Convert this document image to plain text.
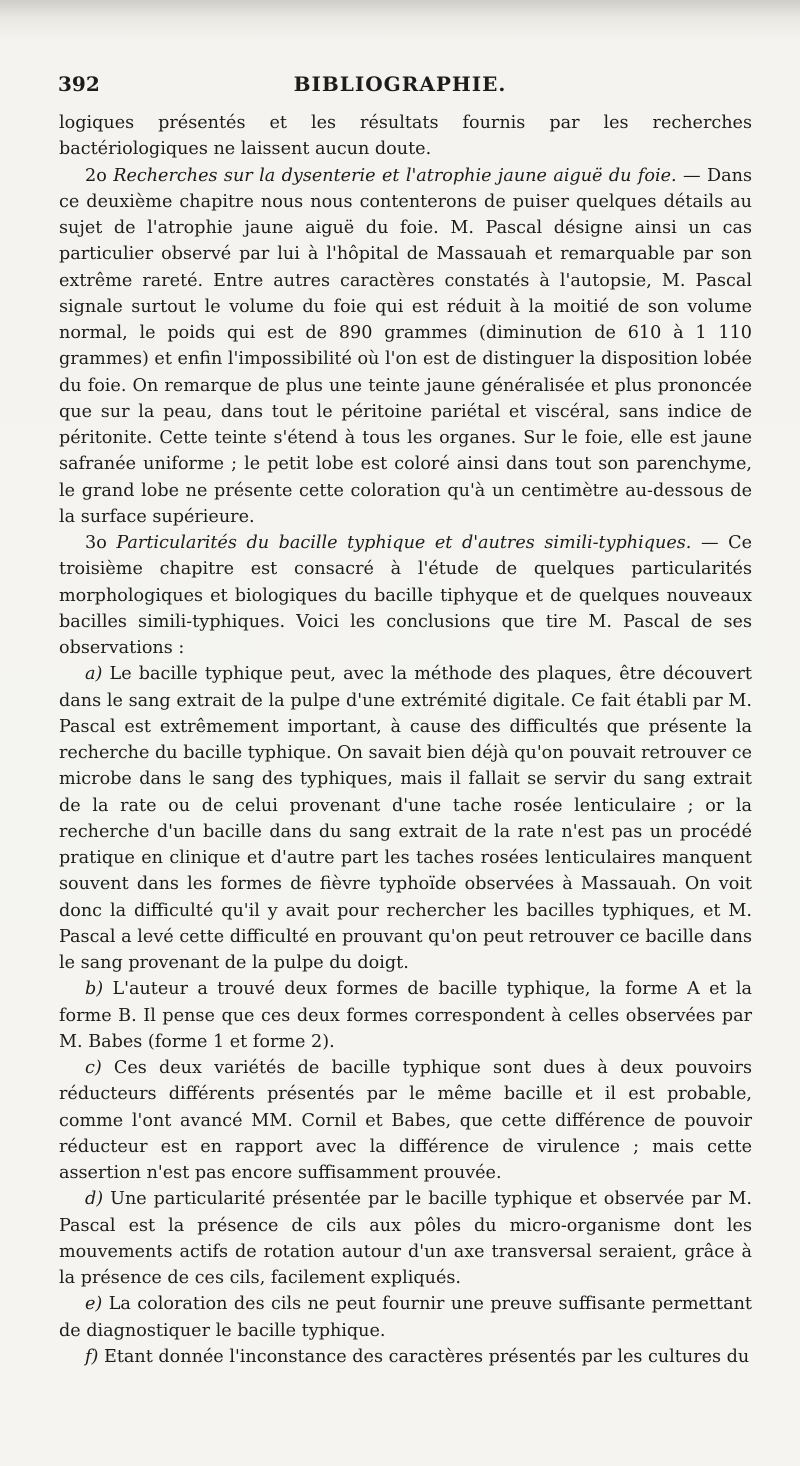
392	BIBLIOGRAPHIE.

logiques présentés et les résultats fournis par les recherches bactériologiques ne laissent aucun doute.

2o Recherches sur la dysenterie et l'atrophie jaune aiguë du foie. — Dans ce deuxième chapitre nous nous contenterons de puiser quelques détails au sujet de l'atrophie jaune aiguë du foie. M. Pascal désigne ainsi un cas particulier observé par lui à l'hôpital de Massauah et remarquable par son extrême rareté. Entre autres caractères constatés à l'autopsie, M. Pascal signale surtout le volume du foie qui est réduit à la moitié de son volume normal, le poids qui est de 890 grammes (diminution de 610 à 1 110 grammes) et enfin l'impossibilité où l'on est de distinguer la disposition lobée du foie. On remarque de plus une teinte jaune généralisée et plus prononcée que sur la peau, dans tout le péritoine pariétal et viscéral, sans indice de péritonite. Cette teinte s'étend à tous les organes. Sur le foie, elle est jaune safranée uniforme ; le petit lobe est coloré ainsi dans tout son parenchyme, le grand lobe ne présente cette coloration qu'à un centimètre au-dessous de la surface supérieure.

3o Particularités du bacille typhique et d'autres simili-typhiques. — Ce troisième chapitre est consacré à l'étude de quelques particularités morphologiques et biologiques du bacille tiphyque et de quelques nouveaux bacilles simili-typhiques. Voici les conclusions que tire M. Pascal de ses observations :

a) Le bacille typhique peut, avec la méthode des plaques, être découvert dans le sang extrait de la pulpe d'une extrémité digitale. Ce fait établi par M. Pascal est extrêmement important, à cause des difficultés que présente la recherche du bacille typhique. On savait bien déjà qu'on pouvait retrouver ce microbe dans le sang des typhiques, mais il fallait se servir du sang extrait de la rate ou de celui provenant d'une tache rosée lenticulaire ; or la recherche d'un bacille dans du sang extrait de la rate n'est pas un procédé pratique en clinique et d'autre part les taches rosées lenticulaires manquent souvent dans les formes de fièvre typhoïde observées à Massauah. On voit donc la difficulté qu'il y avait pour rechercher les bacilles typhiques, et M. Pascal a levé cette difficulté en prouvant qu'on peut retrouver ce bacille dans le sang provenant de la pulpe du doigt.

b) L'auteur a trouvé deux formes de bacille typhique, la forme A et la forme B. Il pense que ces deux formes correspondent à celles observées par M. Babes (forme 1 et forme 2).

c) Ces deux variétés de bacille typhique sont dues à deux pouvoirs réducteurs différents présentés par le même bacille et il est probable, comme l'ont avancé MM. Cornil et Babes, que cette différence de pouvoir réducteur est en rapport avec la différence de virulence ; mais cette assertion n'est pas encore suffisamment prouvée.

d) Une particularité présentée par le bacille typhique et observée par M. Pascal est la présence de cils aux pôles du micro-organisme dont les mouvements actifs de rotation autour d'un axe transversal seraient, grâce à la présence de ces cils, facilement expliqués.

e) La coloration des cils ne peut fournir une preuve suffisante permettant de diagnostiquer le bacille typhique.

f) Etant donnée l'inconstance des caractères présentés par les cultures du
